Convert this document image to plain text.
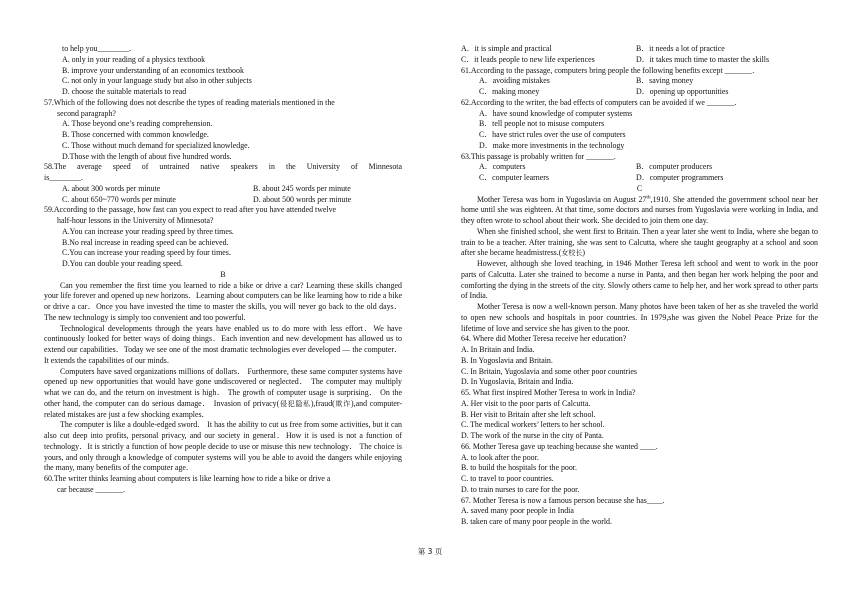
to help you________.
A. only in your reading of a physics textbook
B. improve your understanding of an economics textbook
C. not only in your language study but also in other subjects
D. choose the suitable materials to read
57.Which of the following does not describe the types of reading materials mentioned in the
second paragraph?
A. Those beyond one’s reading comprehension.
B. Those concerned with common knowledge.
C. Those without much demand for specialized knowledge.
D.Those with the length of about five hundred words.
58.The average speed of untrained native speakers in the University of Minnesota
is________.
A. about 300 words per minute	B. about 245 words per minute
C. about 650~770 words per minute	D. about 500 words per minute
59.According to the passage, how fast can you expect to read after you have attended twelve
half-hour lessons in the University of Minnesota?
A.You can increase your reading speed by three times.
B.No real increase in reading speed can be achieved.
C.You can increase your reading speed by four times.
D.You can double your reading speed.
B

Can you remember the first time you learned to ride a bike or drive a car? Learning these skills changed your life forever and opened up new horizons．Learning about computers can be like learning how to ride a bike or drive a car．Once you have invested the time to master the skills, you will never go back to the old days．The new technology is simply too convenient and too powerful.

Technological developments through the years have enabled us to do more with less effort．We have continuously looked for better ways of doing things．Each invention and new development has allowed us to extend our capabilities．Today we see one of the most dramatic technologies ever developed — the computer． It extends the capabilities of our minds．

Computers have saved organizations millions of dollars． Furthermore, these same computer systems have opened up new opportunities that would have gone undiscovered or neglected． The computer may multiply what we can do, and the return on investment is high． The growth of computer usage is surprising． On the other hand, the computer can do serious damage． Invasion of privacy(侵犯隐私),fraud(欺诈),and computer-related mistakes are just a few shocking examples．

The computer is like a double-edged sword． It has the ability to cut us free from some activities, but it can also cut deep into profits, personal privacy, and our society in general．How it is used is not a function of technology．It is strictly a function of how people decide to use or misuse this new technology． The choice is yours, and only through a knowledge of computer systems will you be able to avoid the dangers while enjoying the many, many benefits of the computer age．

60.The writer thinks learning about computers is like learning how to ride a bike or drive a
car because _______.
A．it is simple and practical	B．it needs a lot of practice
C．it leads people to new life experiences	D．it takes much time to master the skills
61.According to the passage, computers bring people the following benefits except _______.
A．avoiding mistakes	B．saving money
C．making money	D．opening up opportunities
62.According to the writer, the bad effects of computers can be avoided if we _______.
A．have sound knowledge of computer systems
B．tell people not to misuse computers
C．have strict rules over the use of computers
D．make more investments in the technology
63.This passage is probably written for _______.
A．computers	B．computer producers
C．computer learners	D．computer programmers
C

Mother Teresa was born in Yugoslavia on August 27th,1910. She attended the government school near her home until she was eighteen. At that time, some doctors and nurses from Yugoslavia were working in India, and they often wrote to school about their work. She decided to join them one day.

When she finished school, she went first to Britain. Then a year later she went to India, where she began to train to be a teacher. After training, she was sent to Calcutta, where she taught geography at a school and soon after she became headmistress.(女校长)

However, although she loved teaching, in 1946 Mother Teresa left school and went to work in the poor parts of Calcutta. Later she trained to become a nurse in Panta, and then began her work helping the poor and comforting the dying in the streets of the city. Slowly others came to help her, and her work spread to other parts of India.

Mother Teresa is now a well-known person. Many photos have been taken of her as she traveled the world to open new schools and hospitals in poor countries. In 1979,she was given the Nobel Peace Prize for the lifetime of love and service she has given to the poor.

64. Where did Mother Teresa receive her education?
A. In Britain and India.
B. In Yogoslavia and Britain.
C. In Britain, Yugoslavia and some other poor countries
D. In Yugoslavia, Britain and India.
65. What first inspired Mother Teresa to work in India?
A. Her visit to the poor parts of Calcutta.
B. Her visit to Britain after she left school.
C. The medical workers’ letters to her school.
D. The work of the nurse in the city of Panta.
66. Mother Teresa gave up teaching because she wanted ____.
A. to look after the poor.
B. to build the hospitals for the poor.
C. to travel to poor countries.
D. to train nurses to care for the poor.
67. Mother Teresa is now a famous person because she has____.
A. saved many poor people in India
B. taken care of many poor people in the world.
第 3 页
